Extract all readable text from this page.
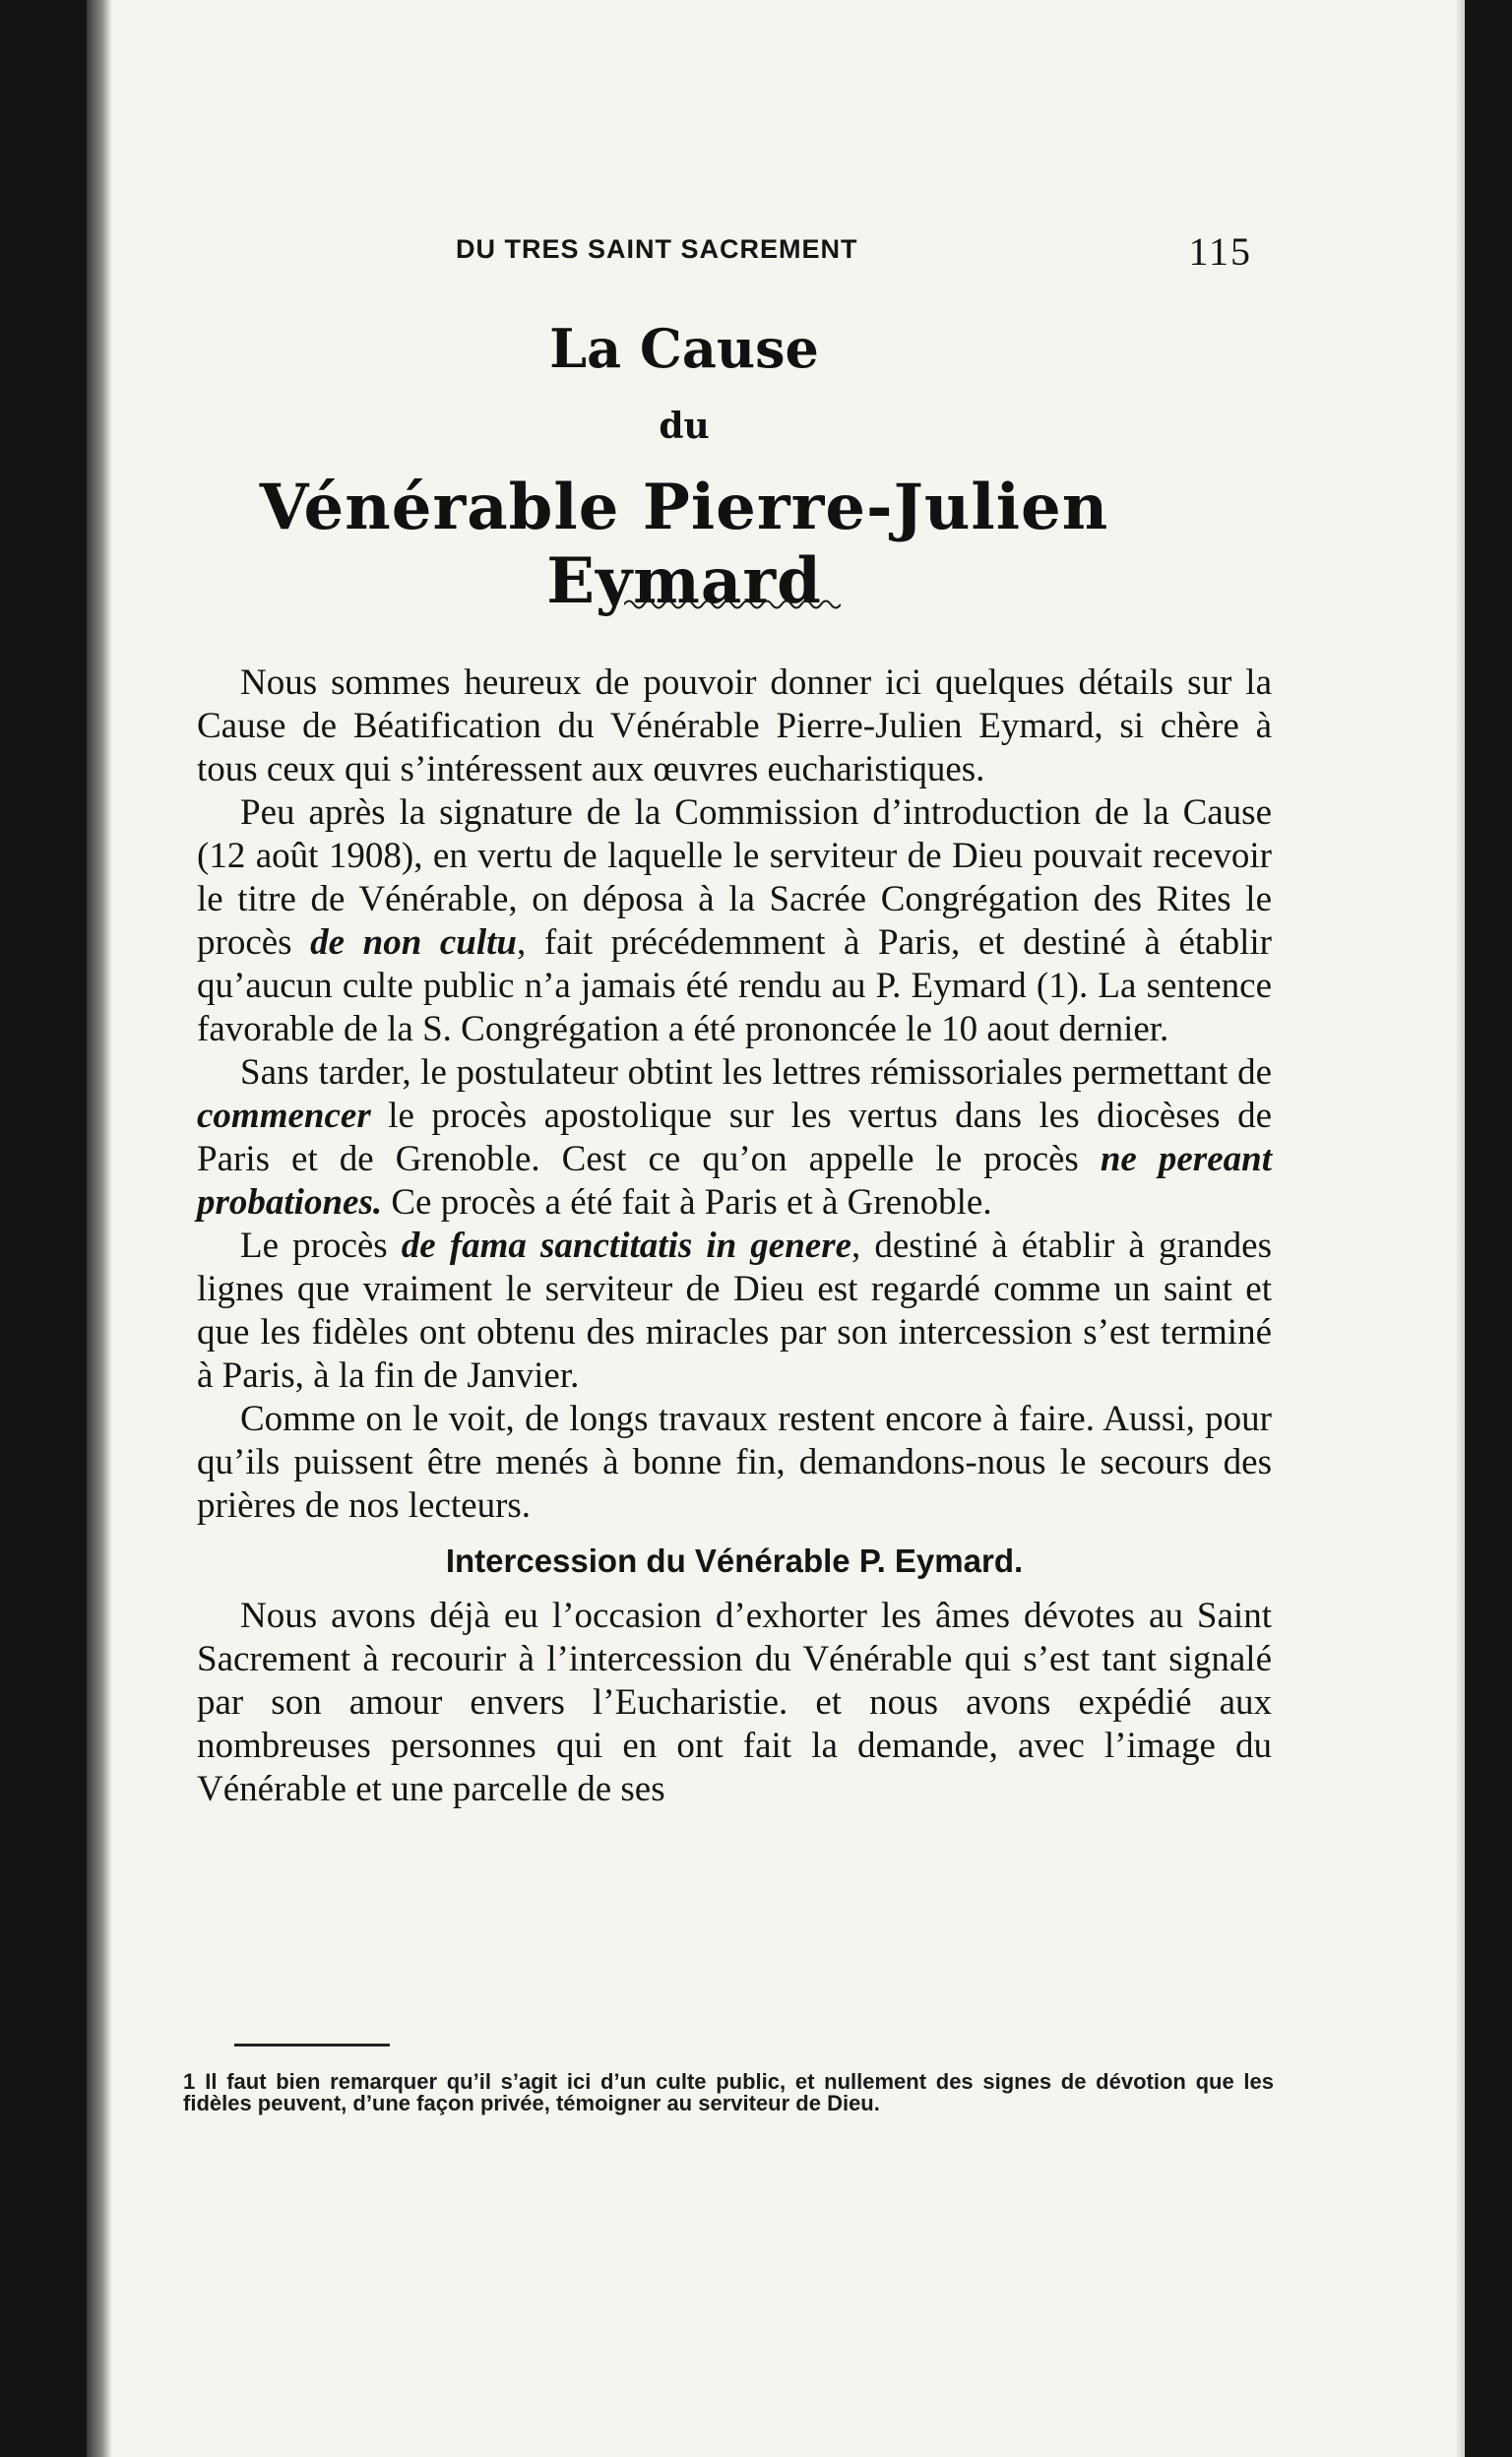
DU TRES SAINT SACREMENT	115
La Cause
du
Vénérable Pierre-Julien Eymard

Nous sommes heureux de pouvoir donner ici quelques détails sur la Cause de Béatification du Vénérable Pierre-Julien Eymard, si chère à tous ceux qui s’intéressent aux œuvres eucharistiques.

Peu après la signature de la Commission d’introduction de la Cause (12 août 1908), en vertu de laquelle le serviteur de Dieu pouvait recevoir le titre de Vénérable, on déposa à la Sacrée Congrégation des Rites le procès de non cultu, fait précédemment à Paris, et destiné à établir qu’aucun culte public n’a jamais été rendu au P. Eymard (1). La sentence favorable de la S. Congrégation a été prononcée le 10 aout dernier.

Sans tarder, le postulateur obtint les lettres rémissoriales permettant de commencer le procès apostolique sur les vertus dans les diocèses de Paris et de Grenoble. Cest ce qu’on appelle le procès ne pereant probationes. Ce procès a été fait à Paris et à Grenoble.

Le procès de fama sanctitatis in genere, destiné à établir à grandes lignes que vraiment le serviteur de Dieu est regardé comme un saint et que les fidèles ont obtenu des miracles par son intercession s’est terminé à Paris, à la fin de Janvier.

Comme on le voit, de longs travaux restent encore à faire. Aussi, pour qu’ils puissent être menés à bonne fin, demandons-nous le secours des prières de nos lecteurs.

Intercession du Vénérable P. Eymard.

Nous avons déjà eu l’occasion d’exhorter les âmes dévotes au Saint Sacrement à recourir à l’intercession du Vénérable qui s’est tant signalé par son amour envers l’Eucharistie. et nous avons expédié aux nombreuses personnes qui en ont fait la demande, avec l’image du Vénérable et une parcelle de ses

1 Il faut bien remarquer qu’il s’agit ici d’un culte public, et nullement des signes de dévotion que les fidèles peuvent, d’une façon privée, témoigner au serviteur de Dieu.
